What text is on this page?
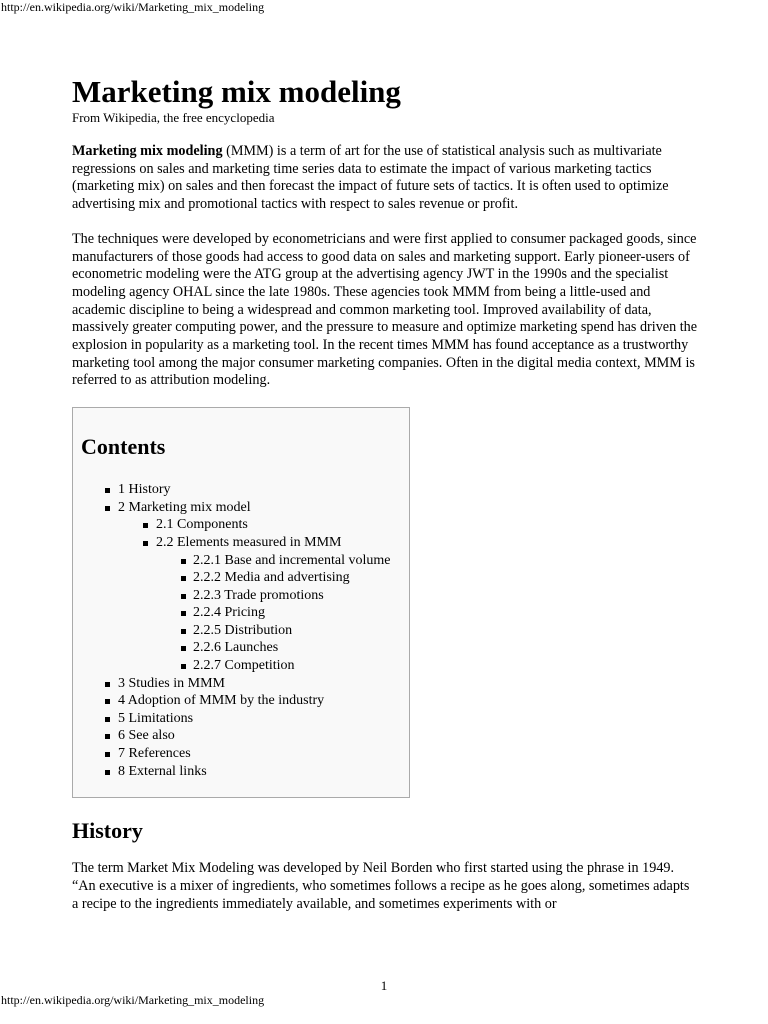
http://en.wikipedia.org/wiki/Marketing_mix_modeling
Marketing mix modeling
From Wikipedia, the free encyclopedia

Marketing mix modeling (MMM) is a term of art for the use of statistical analysis such as multivariate regressions on sales and marketing time series data to estimate the impact of various marketing tactics (marketing mix) on sales and then forecast the impact of future sets of tactics. It is often used to optimize advertising mix and promotional tactics with respect to sales revenue or profit.

The techniques were developed by econometricians and were first applied to consumer packaged goods, since manufacturers of those goods had access to good data on sales and marketing support. Early pioneer-users of econometric modeling were the ATG group at the advertising agency JWT in the 1990s and the specialist modeling agency OHAL since the late 1980s. These agencies took MMM from being a little-used and academic discipline to being a widespread and common marketing tool. Improved availability of data, massively greater computing power, and the pressure to measure and optimize marketing spend has driven the explosion in popularity as a marketing tool. In the recent times MMM has found acceptance as a trustworthy marketing tool among the major consumer marketing companies. Often in the digital media context, MMM is referred to as attribution modeling.

Contents
1 History
2 Marketing mix model
2.1 Components
2.2 Elements measured in MMM
2.2.1 Base and incremental volume
2.2.2 Media and advertising
2.2.3 Trade promotions
2.2.4 Pricing
2.2.5 Distribution
2.2.6 Launches
2.2.7 Competition
3 Studies in MMM
4 Adoption of MMM by the industry
5 Limitations
6 See also
7 References
8 External links
History

The term Market Mix Modeling was developed by Neil Borden who first started using the phrase in 1949. “An executive is a mixer of ingredients, who sometimes follows a recipe as he goes along, sometimes adapts a recipe to the ingredients immediately available, and sometimes experiments with or

1
http://en.wikipedia.org/wiki/Marketing_mix_modeling
